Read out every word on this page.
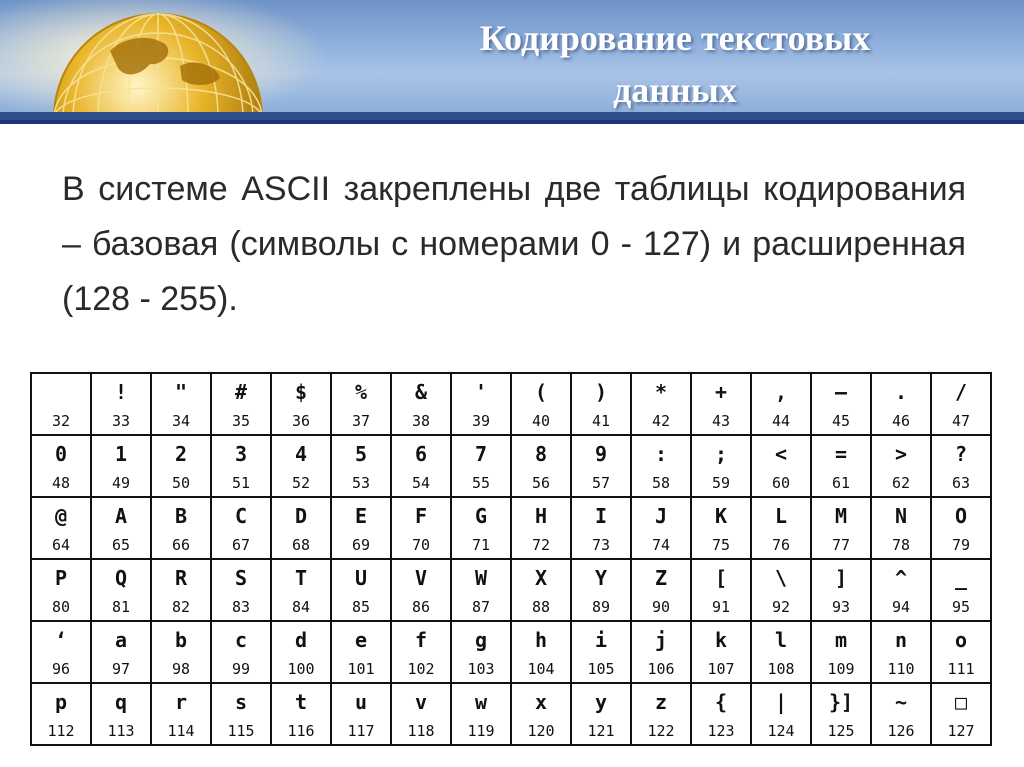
Кодирование текстовых
данных
В системе ASCII закреплены две таблицы кодирования – базовая (символы с номерами 0 - 127) и расширенная (128 - 255).
32
!
33
"
34
#
35
$
36
%
37
&
38
'
39
(
40
)
41
*
42
+
43
,
44
–
45
.
46
/
47
0
48
1
49
2
50
3
51
4
52
5
53
6
54
7
55
8
56
9
57
:
58
;
59
<
60
=
61
>
62
?
63
@
64
A
65
B
66
C
67
D
68
E
69
F
70
G
71
H
72
I
73
J
74
K
75
L
76
M
77
N
78
O
79
P
80
Q
81
R
82
S
83
T
84
U
85
V
86
W
87
X
88
Y
89
Z
90
[
91
\
92
]
93
^
94
_
95
‘
96
a
97
b
98
c
99
d
100
e
101
f
102
g
103
h
104
i
105
j
106
k
107
l
108
m
109
n
110
o
111
p
112
q
113
r
114
s
115
t
116
u
117
v
118
w
119
x
120
y
121
z
122
{
123
|
124
}]
125
~
126
□
127
